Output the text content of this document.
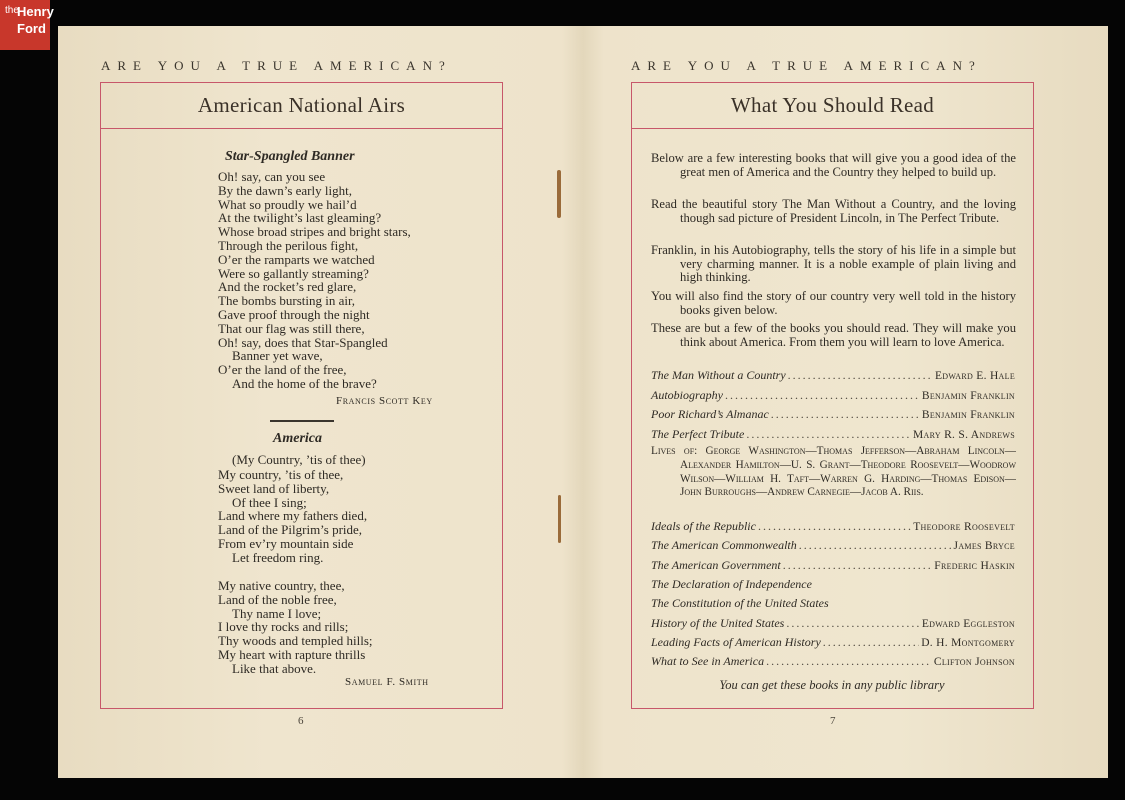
the
Henry
Ford
ARE YOU A TRUE AMERICAN?	ARE YOU A TRUE AMERICAN?
American National Airs
Star-Spangled Banner
Oh! say, can you see
By the dawn’s early light,
What so proudly we hail’d
At the twilight’s last gleaming?
Whose broad stripes and bright stars,
Through the perilous fight,
O’er the ramparts we watched
Were so gallantly streaming?
And the rocket’s red glare,
The bombs bursting in air,
Gave proof through the night
That our flag was still there,
Oh! say, does that Star-Spangled
Banner yet wave,
O’er the land of the free,
And the home of the brave?
Francis Scott Key
America
(My Country, ’tis of thee)
My country, ’tis of thee,
Sweet land of liberty,
Of thee I sing;
Land where my fathers died,
Land of the Pilgrim’s pride,
From ev’ry mountain side
Let freedom ring.
My native country, thee,
Land of the noble free,
Thy name I love;
I love thy rocks and rills;
Thy woods and templed hills;
My heart with rapture thrills
Like that above.
Samuel F. Smith
6
What You Should Read
Below are a few interesting books that will give you a good idea of the great men of America and the Country they helped to build up.
Read the beautiful story The Man Without a Country, and the loving though sad picture of President Lincoln, in The Perfect Tribute.
Franklin, in his Autobiography, tells the story of his life in a simple but very charming manner. It is a noble example of plain living and high thinking.
You will also find the story of our country very well told in the history books given below.
These are but a few of the books you should read. They will make you think about America. From them you will learn to love America.
The Man Without a Country .....	Edward E. Hale
Autobiography .....	Benjamin Franklin
Poor Richard’s Almanac .....	Benjamin Franklin
The Perfect Tribute .....	Mary R. S. Andrews
Lives of: George Washington—Thomas Jefferson—Abraham Lincoln—Alexander Hamilton—U. S. Grant—Theodore Roosevelt—Woodrow Wilson—William H. Taft—Warren G. Harding—Thomas Edison—John Burroughs—Andrew Carnegie—Jacob A. Riis.
Ideals of the Republic .....	Theodore Roosevelt
The American Commonwealth .....	James Bryce
The American Government .....	Frederic Haskin
The Declaration of Independence
The Constitution of the United States
History of the United States .....	Edward Eggleston
Leading Facts of American History .....	D. H. Montgomery
What to See in America .....	Clifton Johnson
You can get these books in any public library
7
